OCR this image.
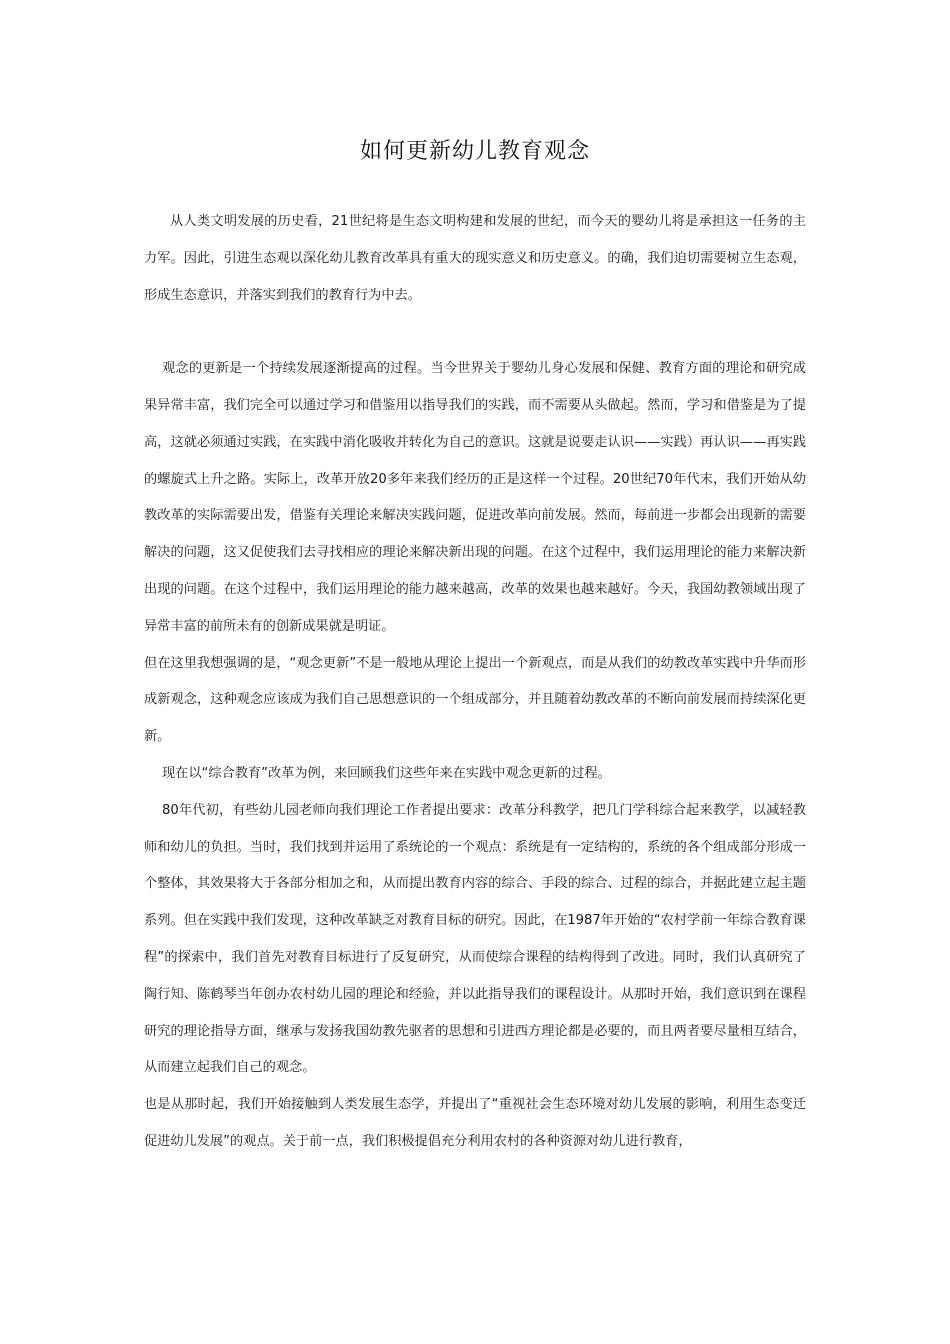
如何更新幼儿教育观念

从人类文明发展的历史看，21世纪将是生态文明构建和发展的世纪，而今天的婴幼儿将是承担这一任务的主力军。因此，引进生态观以深化幼儿教育改革具有重大的现实意义和历史意义。的确，我们迫切需要树立生态观，形成生态意识，并落实到我们的教育行为中去。

观念的更新是一个持续发展逐渐提高的过程。当今世界关于婴幼儿身心发展和保健、教育方面的理论和研究成果异常丰富，我们完全可以通过学习和借鉴用以指导我们的实践，而不需要从头做起。然而，学习和借鉴是为了提高，这就必须通过实践，在实践中消化吸收并转化为自己的意识。这就是说要走认识——实践）再认识——再实践的螺旋式上升之路。实际上，改革开放20多年来我们经历的正是这样一个过程。20世纪70年代末，我们开始从幼教改革的实际需要出发，借鉴有关理论来解决实践问题，促进改革向前发展。然而，每前进一步都会出现新的需要解决的问题，这又促使我们去寻找相应的理论来解决新出现的问题。在这个过程中，我们运用理论的能力来解决新出现的问题。在这个过程中，我们运用理论的能力越来越高，改革的效果也越来越好。今天，我国幼教领域出现了异常丰富的前所未有的创新成果就是明证。

但在这里我想强调的是，“观念更新”不是一般地从理论上提出一个新观点，而是从我们的幼教改革实践中升华而形成新观念，这种观念应该成为我们自己思想意识的一个组成部分，并且随着幼教改革的不断向前发展而持续深化更新。

现在以“综合教育”改革为例，来回顾我们这些年来在实践中观念更新的过程。

80年代初，有些幼儿园老师向我们理论工作者提出要求：改革分科教学，把几门学科综合起来教学，以减轻教师和幼儿的负担。当时，我们找到并运用了系统论的一个观点：系统是有一定结构的，系统的各个组成部分形成一个整体，其效果将大于各部分相加之和，从而提出教育内容的综合、手段的综合、过程的综合，并据此建立起主题系列。但在实践中我们发现，这种改革缺乏对教育目标的研究。因此，在1987年开始的“农村学前一年综合教育课程”的探索中，我们首先对教育目标进行了反复研究，从而使综合课程的结构得到了改进。同时，我们认真研究了陶行知、陈鹤琴当年创办农村幼儿园的理论和经验，并以此指导我们的课程设计。从那时开始，我们意识到在课程研究的理论指导方面，继承与发扬我国幼教先驱者的思想和引进西方理论都是必要的，而且两者要尽量相互结合，从而建立起我们自己的观念。

也是从那时起，我们开始接触到人类发展生态学，并提出了“重视社会生态环境对幼儿发展的影响，利用生态变迁促进幼儿发展”的观点。关于前一点，我们积极提倡充分利用农村的各种资源对幼儿进行教育，
